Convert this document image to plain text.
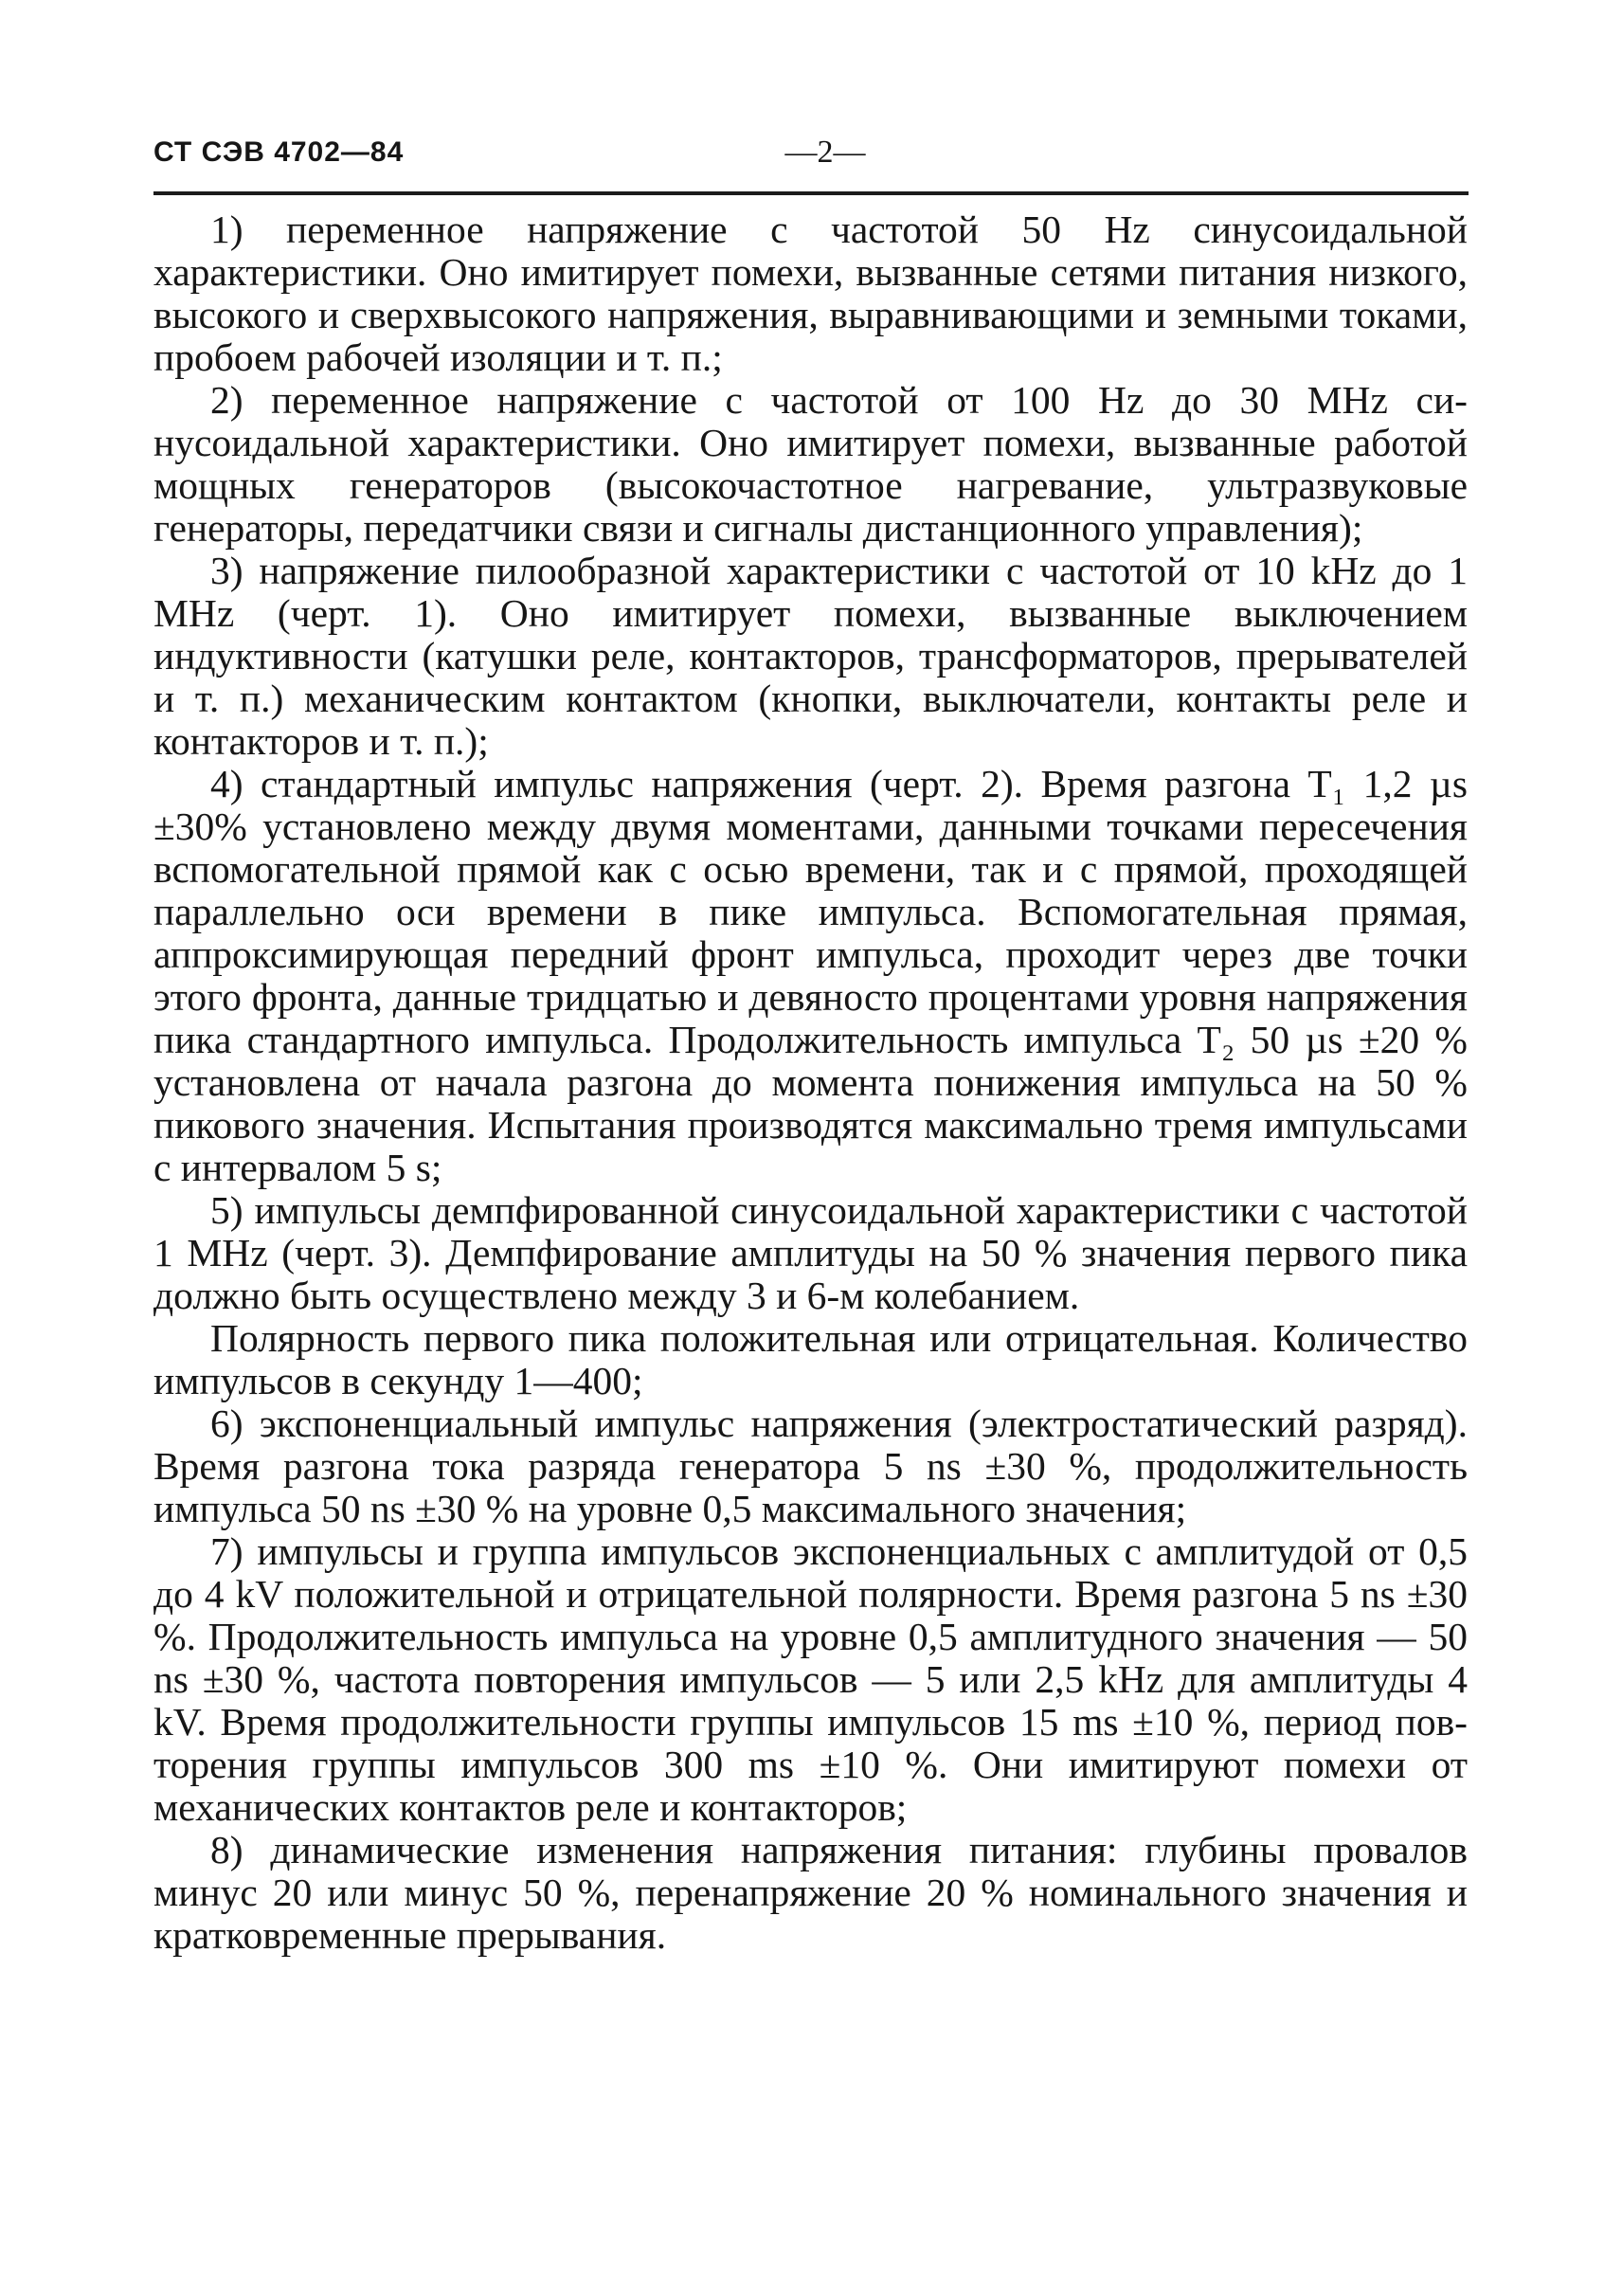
СТ СЭВ 4702—84	—2—

1) переменное напряжение с частотой 50 Hz синусоидальной характеристики. Оно имитирует помехи, вызванные сетями питания низкого, высокого и сверхвысокого напряжения, выравнивающими и земными токами, пробоем рабочей изоляции и т. п.;

2) переменное напряжение с частотой от 100 Hz до 30 MHz синусоидальной характеристики. Оно имитирует помехи, вызванные работой мощных генераторов (высокочастотное нагревание, ультразвуковые генераторы, передатчики связи и сигналы дистанционного управления);

3) напряжение пилообразной характеристики с частотой от 10 kHz до 1 MHz (черт. 1). Оно имитирует помехи, вызванные выключением индуктивности (катушки реле, контакторов, трансформаторов, прерывателей и т. п.) механическим контактом (кнопки, выключатели, контакты реле и контакторов и т. п.);

4) стандартный импульс напряжения (черт. 2). Время разгона T₁ 1,2 µs ±30% установлено между двумя моментами, данными точками пересечения вспомогательной прямой как с осью времени, так и с прямой, проходящей параллельно оси времени в пике импульса. Вспомогательная прямая, аппроксимирующая передний фронт импульса, проходит через две точки этого фронта, данные тридцатью и девяносто процентами уровня напряжения пика стандартного импульса. Продолжительность импульса T₂ 50 µs ±20 % установлена от начала разгона до момента понижения импульса на 50 % пикового значения. Испытания производятся максимально тремя импульсами с интервалом 5 s;

5) импульсы демпфированной синусоидальной характеристики с частотой 1 MHz (черт. 3). Демпфирование амплитуды на 50 % значения первого пика должно быть осуществлено между 3 и 6-м колебанием.

Полярность первого пика положительная или отрицательная. Количество импульсов в секунду 1—400;

6) экспоненциальный импульс напряжения (электростатический разряд). Время разгона тока разряда генератора 5 ns ±30 %, продолжительность импульса 50 ns ±30 % на уровне 0,5 максимального значения;

7) импульсы и группа импульсов экспоненциальных с амплитудой от 0,5 до 4 kV положительной и отрицательной полярности. Время разгона 5 ns ±30 %. Продолжительность импульса на уровне 0,5 амплитудного значения — 50 ns ±30 %, частота повторения импульсов — 5 или 2,5 kHz для амплитуды 4 kV. Время продолжительности группы импульсов 15 ms ±10 %, период повторения группы импульсов 300 ms ±10 %. Они имитируют помехи от механических контактов реле и контакторов;

8) динамические изменения напряжения питания: глубины провалов минус 20 или минус 50 %, перенапряжение 20 % номинального значения и кратковременные прерывания.
